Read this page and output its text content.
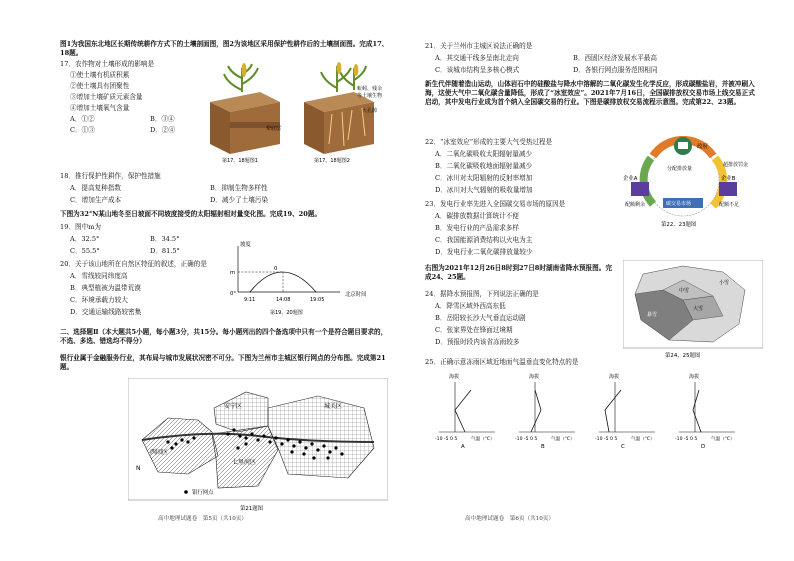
图1为我国东北地区长期传统耕作方式下的土壤剖面图，图2为该地区采用保护性耕作后的土壤剖面图。完成17、18题。
17．农作物对土壤形成的影响是
①使土壤有机质积累
②使土壤具有团聚性
③增加土壤矿质元素含量
④增加土壤氧气含量
A．①②	B．③④
C．①③	D．②④	犁底层
蚯蚓、残余
等土壤生物
大孔隙
第17、18题图1	第17、18题图2
18．推行保护性耕作，保护性措施
A．提高复种指数	B．抑制生物多样性
C．增加生产成本	D．减少了土壤污染
下图为32°N某山地冬至日坡面不同坡度接受的太阳辐射相对量变化图。完成19、20题。
19．图中m为
A．32.5°	B．34.5°
C．55.5°	D．81.5°
20．关于该山地所在自然区特征的叙述，正确的是
A．雪线较同纬度高
B．典型植被为温带荒漠
C．环境承载力较大
D．交通运输线路较密集
坡度
北京时间
m
0
0°
9:11	14:08	19:05
第19、20题图
二、选择题Ⅱ（本大题共5小题，每小题3分，共15分。每小题列出的四个备选项中只有一个是符合题目要求的，不选、多选、错选均不得分）
银行业属于金融服务行业，其布局与城市发展状况密不可分。下图为兰州市主城区银行网点的分布图。完成第21题。
安宁区	城关区
七里河区
西固区
N
银行网点
第21题图
高中地理试题卷　第5页（共10页）
21．关于兰州市主城区说法正确的是
A．其交通干线多呈南北走向	B．西固区经济发展水平最高
C．该城市结构呈多核心模式	D．各银行网点服务范围相同
新生代伴随着造山运动，山体岩石中的硅酸盐与降水中溶解的二氧化碳发生化学反应，形成碳酸盐岩，并被冲刷入海，这使大气中二氧化碳含量降低，形成了“冰室效应”。2021年7月16日，全国碳排放权交易市场上线交易正式启动，其中发电行业成为首个纳入全国碳交易的行业。下图是碳排放权交易流程示意图。完成第22、23题。
22．“冰室效应”形成的主要大气受热过程是
A．二氧化碳吸收太阳辐射量减少
B．二氧化碳吸收地面辐射量减少
C．冰川对太阳辐射的反射率增加
D．冰川对大气辐射的吸收量增加
政府
分配排放量
企业A	企业B
碳交易市场
超排放罚金
配额剩余	配额不足
第22、23题图
23．发电行业率先进入全国碳交易市场的原因是
A．碳排放数据计算统计不便
B．发电行业的产品需求多样
C．我国能源消费结构以火电为主
D．发电行业二氧化碳排放量较少
右图为2021年12月26日8时到27日8时湖南省降水预报图。完成24、25题。
24．据降水预报图，下列说法正确的是
A．降雪区域外西高东低
B．岳阳较长沙大气垂直运动剧
C．张家界处在锋面过境期
D．预报时段内该省冻雨较多
暴雪
大雪
中雪
小雪
第24、25题图
25．正确示意冻雨区域近地面气温垂直变化特点的是
海拔
-10 -5 0 5	气温（℃）
A
海拔
-10 -5 0 5	气温（℃）
B
海拔
-10 -5 0 5	气温（℃）
C
海拔
-10 -5 0 5	气温（℃）
D
高中地理试题卷　第6页（共10页）
